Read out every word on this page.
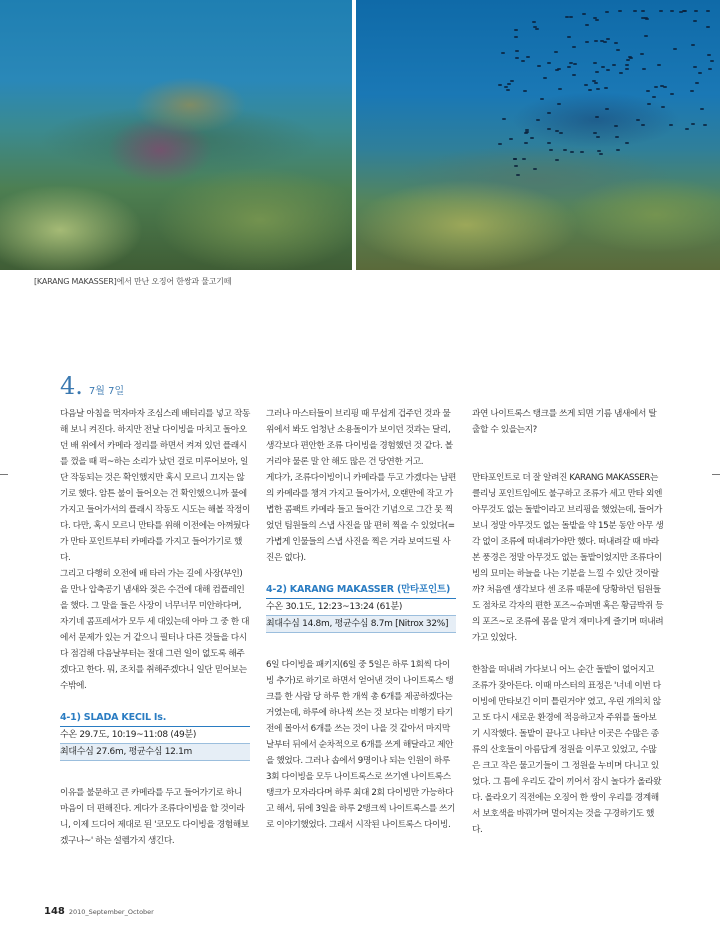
[KARANG MAKASSER]에서 만난 오징어 한쌍과 물고기떼
4. 7월 7일

다음날 아침을 먹자마자 조심스레 배터리를 넣고 작동해 보니 켜진다. 하지만 전날 다이빙을 마치고 돌아오던 배 위에서 카메라 정리를 하면서 켜져 있던 플래시를 껐을 때 퍽~하는 소리가 났던 걸로 미루어보아, 일단 작동되는 것은 확인했지만 혹시 모르니 끄지는 않기로 했다. 암튼 불이 들어오는 건 확인했으니까 물에 가지고 들어가서의 플래시 작동도 시도는 해볼 작정이다. 다만, 혹시 모르니 만타를 위해 이전에는 아껴뒀다가 만타 포인트부터 카메라를 가지고 들어가기로 했다.

그리고 다행히 오전에 배 타러 가는 길에 사장(부인)을 만나 압축공기 냄새와 젖은 수건에 대해 컴플레인을 했다. 그 말을 들은 사장이 너무너무 미안하다며, 자기네 콤프레셔가 모두 세 대있는데 아마 그 중 한 대에서 문제가 있는 거 같으니 필터나 다른 것들을 다시 다 점검해 다음날부터는 절대 그런 일이 없도록 해주겠다고 한다. 뭐, 조치를 취해주겠다니 일단 믿어보는 수밖에.

4-1) SLADA KECIL Is.
수온 29.7도, 10:19~11:08 (49분)
최대수심 27.6m, 평균수심 12.1m

이유를 불문하고 큰 카메라를 두고 들어가기로 하니 마음이 더 편해진다. 게다가 조류다이빙을 할 것이라니, 이제 드디어 제대로 된 '코모도 다이빙을 경험해보겠구나~' 하는 설렘가지 생긴다.

그러나 마스터들이 브리핑 때 무섭게 겁주던 것과 물 위에서 봐도 엄청난 소용돌이가 보이던 것과는 달리, 생각보다 편안한 조류 다이빙을 경험했던 것 같다. 볼거리야 물론 말 안 해도 많은 건 당연한 거고.

게다가, 조류다이빙이니 카메라를 두고 가겠다는 남편의 카메라를 챙겨 가지고 들어가서, 오랜만에 작고 가볍한 콤팩트 카메라 들고 들어간 기념으로 그간 못 찍었던 팀원들의 스냅 사진을 많 편히 찍을 수 있었다(=가볍게 인물들의 스냅 사진을 찍은 거라 보여드릴 사진은 없다).

4-2) KARANG MAKASSER (만타포인트)
수온 30.1도, 12:23~13:24 (61분)
최대수심 14.8m, 평균수심 8.7m [Nitrox 32%]

6일 다이빙을 패키지(6일 중 5일은 하루 1회씩 다이빙 추가)로 하기로 하면서 얻어낸 것이 나이트록스 탱크를 한 사람 당 하루 한 개씩 총 6개를 제공하겠다는 거였는데, 하루에 하나씩 쓰는 것 보다는 비행기 타기 전에 몰아서 6개를 쓰는 것이 나을 것 같아서 마지막 날부터 뒤에서 순차적으로 6개를 쓰게 해달라고 제안을 했었다. 그러나 솝에서 9명이나 되는 인원이 하루 3회 다이빙을 모두 나이트록스로 쓰기엔 나이트록스 탱크가 모자라다며 하루 최대 2회 다이빙만 가능하다고 해서, 뒤에 3일을 하루 2탱크씩 나이트록스를 쓰기로 이야기했었다. 그래서 시작된 나이트록스 다이빙.

과연 나이트록스 탱크를 쓰게 되면 기름 냄새에서 탈출할 수 있을는지?

만타포인트로 더 잘 알려진 KARANG MAKASSER는 클리닝 포인트임에도 불구하고 조류가 세고 만타 외엔 아무것도 없는 돌밭이라고 브리핑을 했었는데, 들어가 보니 정말 아무것도 없는 돌밭을 약 15분 동안 아무 생각 없이 조류에 떠내려가야만 했다. 떠내려갈 때 바라본 풍경은 정말 아무것도 없는 돌밭이었지만 조류다이빙의 묘미는 하늘을 나는 기분을 느낄 수 있단 것이랄까? 처음엔 생각보다 센 조류 때문에 당황하던 팀원들도 점차로 각자의 편한 포즈~슈퍼맨 혹은 황금박쥐 등의 포즈~로 조류에 몸을 맡겨 재미나게 즐기며 떠내려가고 있었다.

한참을 떠내려 가다보니 어느 순간 돌밭이 없어지고 조류가 잦아든다. 이때 마스터의 표정은 '너네 이번 다이빙에 만타보긴 이미 틀린거야' 였고, 우린 개의치 않고 또 다시 새로운 환경에 적응하고자 주위를 돌아보기 시작했다. 돌밭이 끝나고 나타난 이곳은 수많은 종류의 산호들이 아름답게 정원을 이루고 있었고, 수많은 크고 작은 물고기들이 그 정원을 누비며 다니고 있었다. 그 틈에 우리도 같이 끼어서 잠시 놀다가 올라왔다. 올라오기 직전에는 오징어 한 쌍이 우리를 경계해서 보호색을 바꿔가며 멀어지는 것을 구경하기도 했다.

148 2010_September_October
